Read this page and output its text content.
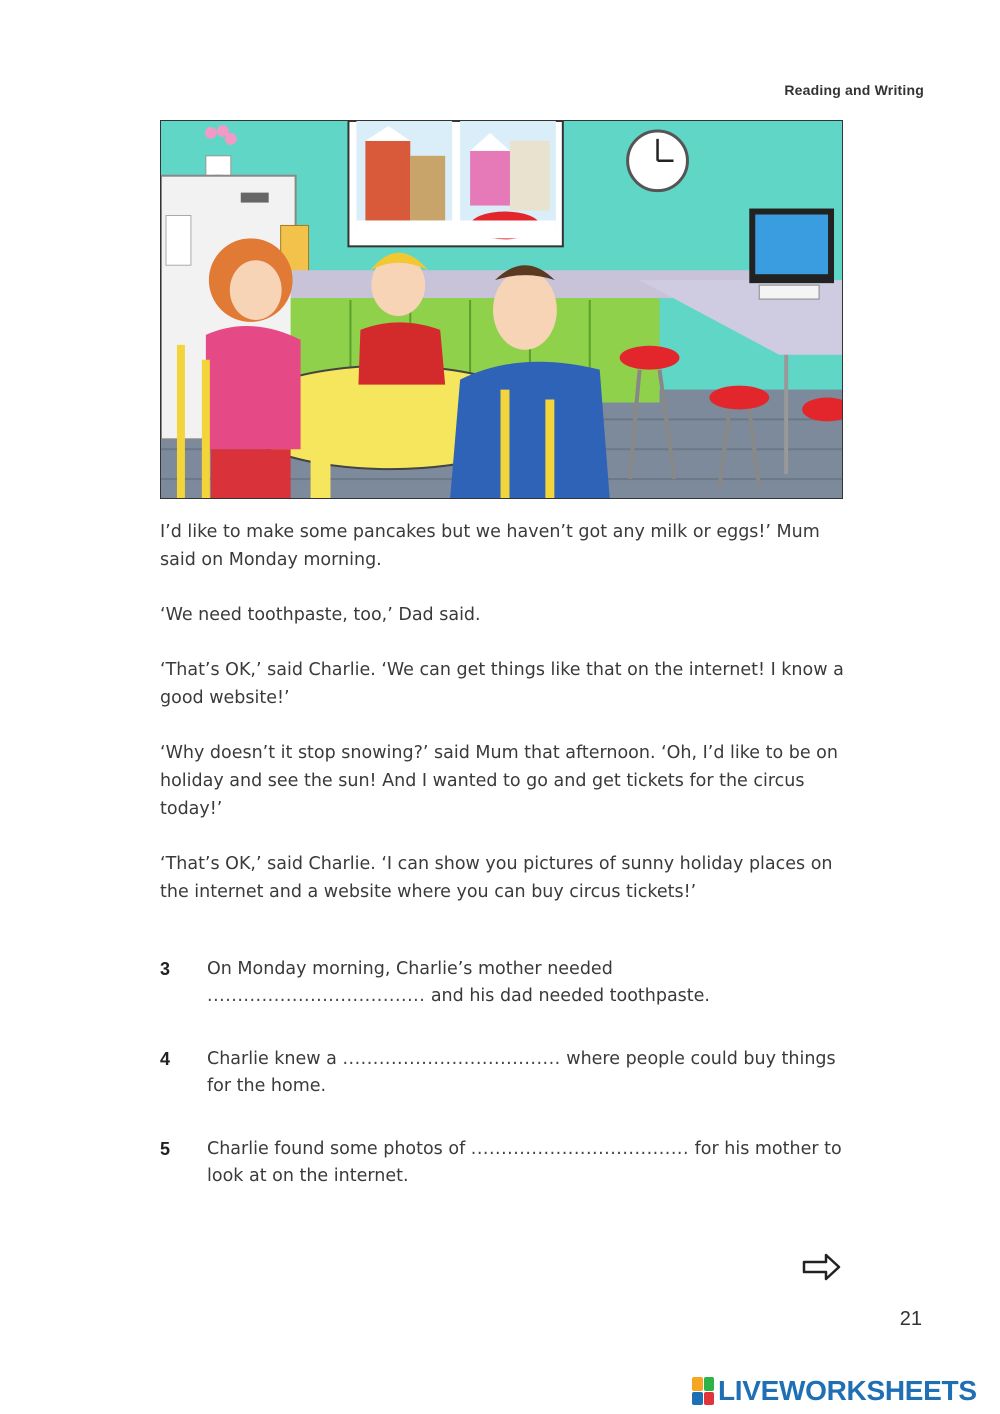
Reading and Writing

I’d like to make some pancakes but we haven’t got any milk or eggs!’ Mum said on Monday morning.

‘We need toothpaste, too,’ Dad said.

‘That’s OK,’ said Charlie. ‘We can get things like that on the internet! I know a good website!’

‘Why doesn’t it stop snowing?’ said Mum that afternoon. ‘Oh, I’d like to be on holiday and see the sun! And I wanted to go and get tickets for the circus today!’

‘That’s OK,’ said Charlie. ‘I can show you pictures of sunny holiday places on the internet and a website where you can buy circus tickets!’

3 On Monday morning, Charlie’s mother needed
.................................... and his dad needed toothpaste.
4 Charlie knew a .................................... where people could buy things for the home.
5 Charlie found some photos of .................................... for his mother to look at on the internet.
21
LIVEWORKSHEETS
